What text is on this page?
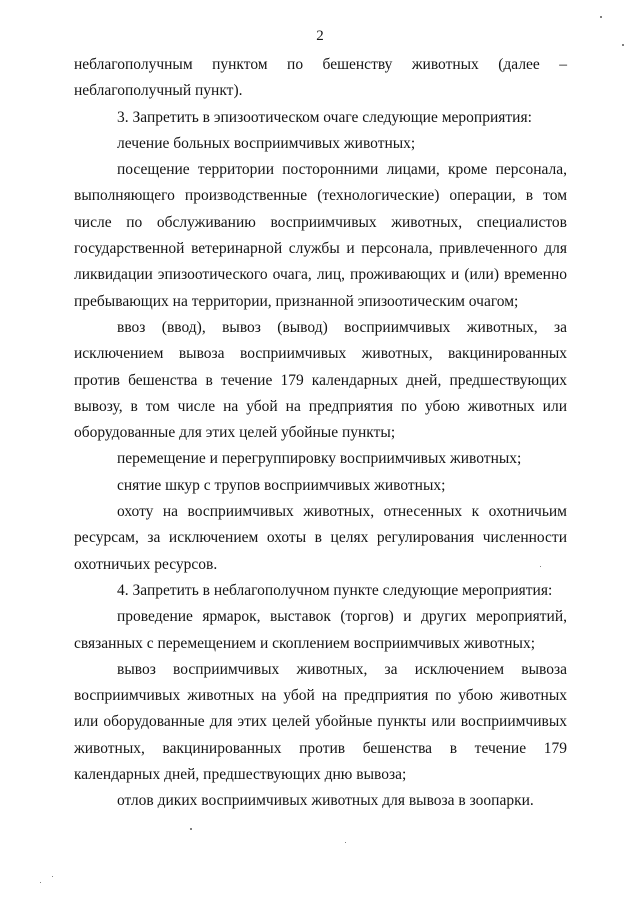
2

неблагополучным пунктом по бешенству животных (далее – неблагополучный пункт).

3. Запретить в эпизоотическом очаге следующие мероприятия:

лечение больных восприимчивых животных;

посещение территории посторонними лицами, кроме персонала, выполняющего производственные (технологические) операции, в том числе по обслуживанию восприимчивых животных, специалистов государственной ветеринарной службы и персонала, привлеченного для ликвидации эпизоотического очага, лиц, проживающих и (или) временно пребывающих на территории, признанной эпизоотическим очагом;

ввоз (ввод), вывоз (вывод) восприимчивых животных, за исключением вывоза восприимчивых животных, вакцинированных против бешенства в течение 179 календарных дней, предшествующих вывозу, в том числе на убой на предприятия по убою животных или оборудованные для этих целей убойные пункты;

перемещение и перегруппировку восприимчивых животных;

снятие шкур с трупов восприимчивых животных;

охоту на восприимчивых животных, отнесенных к охотничьим ресурсам, за исключением охоты в целях регулирования численности охотничьих ресурсов.

4. Запретить в неблагополучном пункте следующие мероприятия:

проведение ярмарок, выставок (торгов) и других мероприятий, связанных с перемещением и скоплением восприимчивых животных;

вывоз восприимчивых животных, за исключением вывоза восприимчивых животных на убой на предприятия по убою животных или оборудованные для этих целей убойные пункты или восприимчивых животных, вакцинированных против бешенства в течение 179 календарных дней, предшествующих дню вывоза;

отлов диких восприимчивых животных для вывоза в зоопарки.
